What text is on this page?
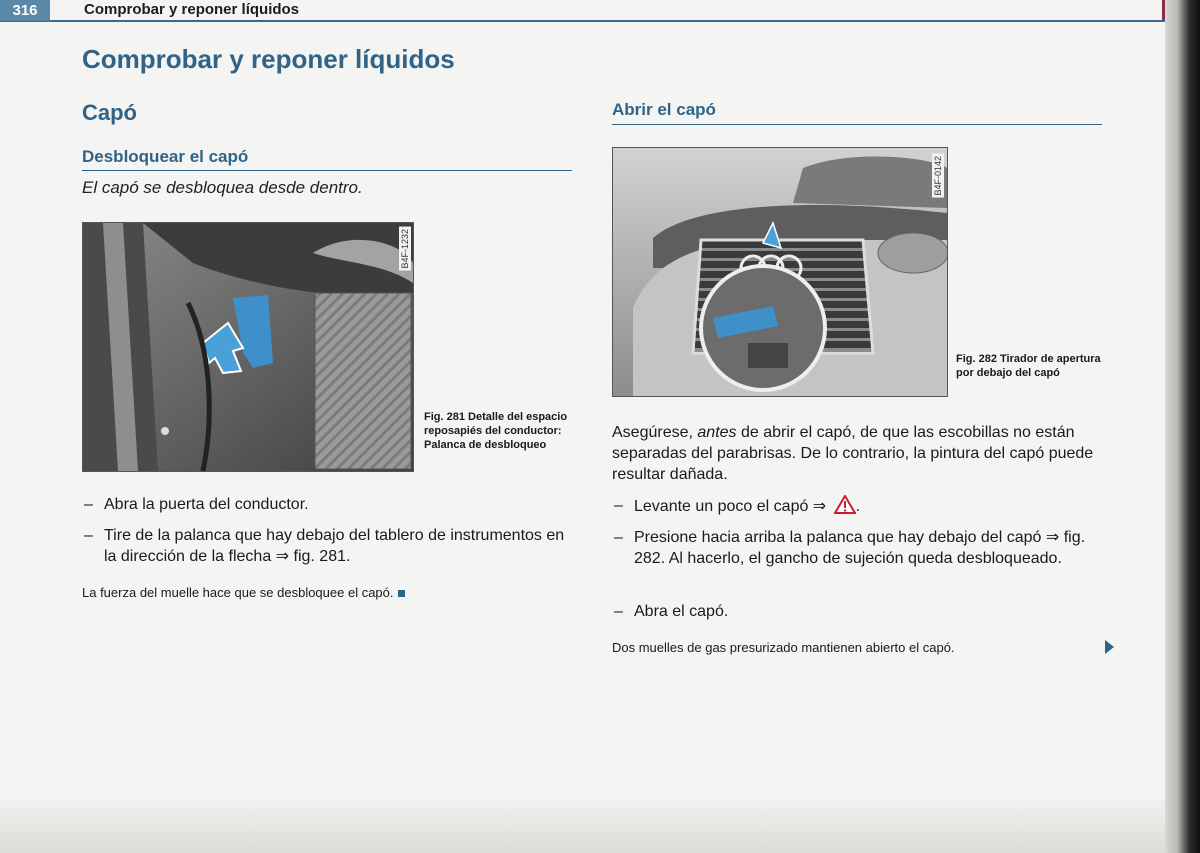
316	Comprobar y reponer líquidos
Comprobar y reponer líquidos
Capó
Desbloquear el capó
El capó se desbloquea desde dentro.
B4F-1232
Fig. 281 Detalle del espacio reposapiés del conductor: Palanca de desbloqueo
– Abra la puerta del conductor.
– Tire de la palanca que hay debajo del tablero de instrumentos en la dirección de la flecha ⇒ fig. 281.
La fuerza del muelle hace que se desbloquee el capó.
Abrir el capó
B4F-0142
Fig. 282 Tirador de apertura por debajo del capó
Asegúrese, antes de abrir el capó, de que las escobillas no están separadas del parabrisas. De lo contrario, la pintura del capó puede resultar dañada.
– Levante un poco el capó ⇒ .
– Presione hacia arriba la palanca que hay debajo del capó ⇒ fig. 282. Al hacerlo, el gancho de sujeción queda desbloqueado.
– Abra el capó.
Dos muelles de gas presurizado mantienen abierto el capó.
